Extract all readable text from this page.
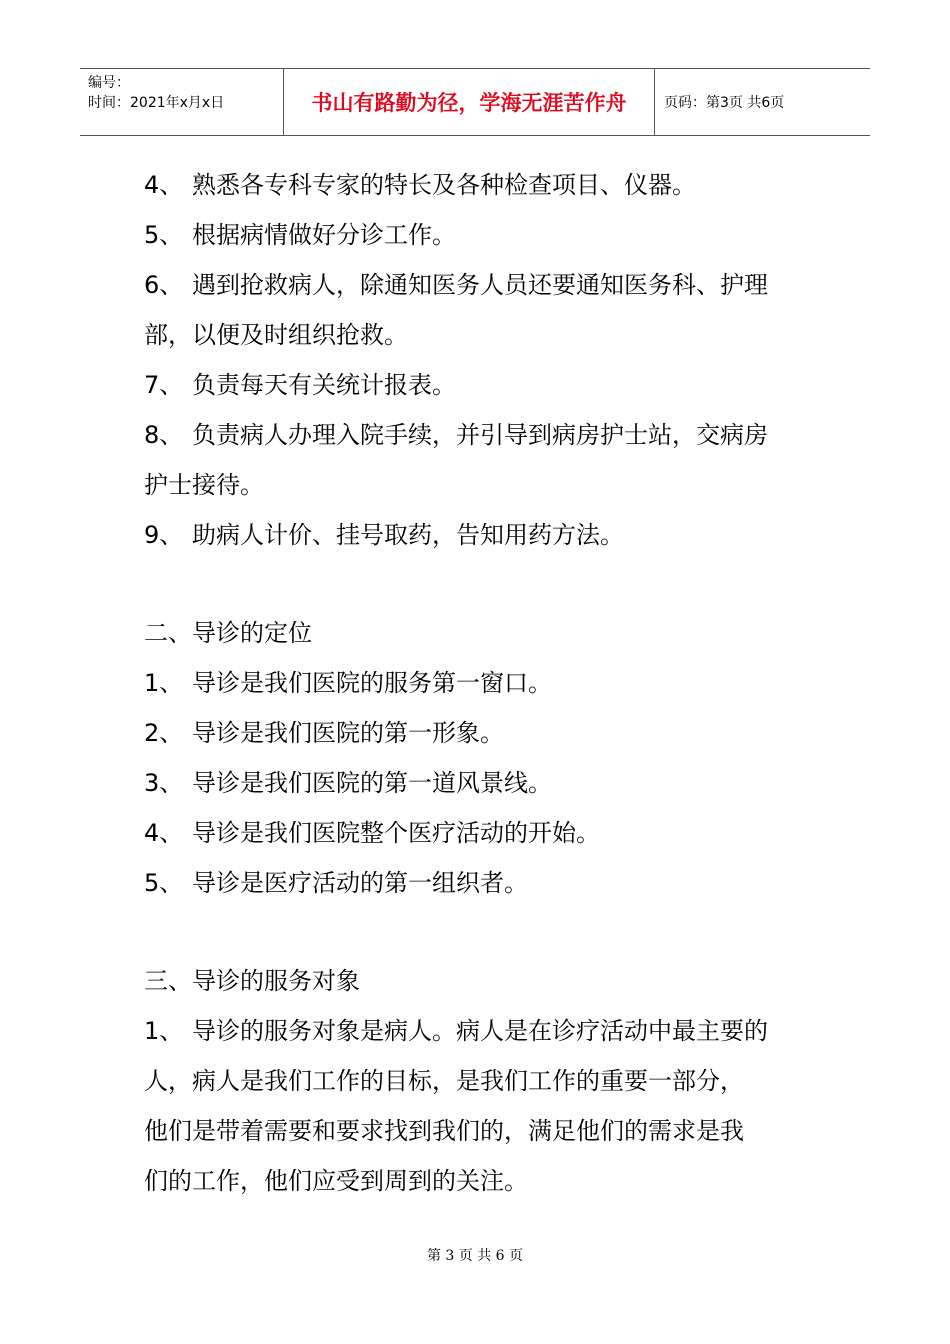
编号：
时间：2021年x月x日	书山有路勤为径，学海无涯苦作舟	页码：第3页 共6页
4、 熟悉各专科专家的特长及各种检查项目、仪器。
5、 根据病情做好分诊工作。
6、 遇到抢救病人，除通知医务人员还要通知医务科、护理
部，以便及时组织抢救。
7、 负责每天有关统计报表。
8、 负责病人办理入院手续，并引导到病房护士站，交病房
护士接待。
9、 助病人计价、挂号取药，告知用药方法。
二、导诊的定位
1、 导诊是我们医院的服务第一窗口。
2、 导诊是我们医院的第一形象。
3、 导诊是我们医院的第一道风景线。
4、 导诊是我们医院整个医疗活动的开始。
5、 导诊是医疗活动的第一组织者。
三、导诊的服务对象
1、 导诊的服务对象是病人。病人是在诊疗活动中最主要的
人，病人是我们工作的目标，是我们工作的重要一部分，
他们是带着需要和要求找到我们的，满足他们的需求是我
们的工作，他们应受到周到的关注。
第 3 页 共 6 页
